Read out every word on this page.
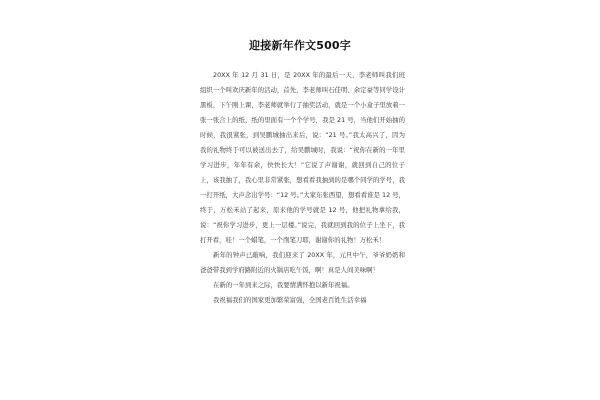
迎接新年作文500字

20XX 年 12 月 31 日，是 20XX 年的最后一天，李老师叫我们班组织一个叫欢庆新年的活动，首先，李老师叫石佳明、余定豪等同学设计黑板，下午刚上课，李老师就举行了抽奖活动，就是一个小盒子里放着一张一张合上的纸，纸的里面有一个个学号，我是 21 号，当他们开始抽的时候，我很紧张，到吴鹏城抽出来后，说：“21 号。”我太高兴了，因为我的礼物终于可以被送出去了，给吴鹏城时，我说：“祝你在新的一年里学习进步，年年有余，快快长大！”它说了声谢谢，就回到自己的位子上，该我抽了，我心里非常紧张，想看看我抽到的是哪个同学的学号，我一打开纸，大声念出学号：“12 号。”大家东张西望，想看看谁是 12 号，终于，万松禾站了起来，原来他的学号就是 12 号，他把礼物拿给我，说：“祝你学习进步，更上一层楼。”说完，我就回到我的位子上坐下，我打开看，哇！一个蜡笔，一个削笔刀耶，谢谢你的礼物！万松禾！

新年的钟声已敲响，我们迎来了 20XX 年，元旦中午，爷爷奶奶和爸爸带我到学府路附近的火锅店吃午饭，啊！真是人间美味啊！

在新的一年到来之际，我要情满怀抱以新年祝福。

我祝福我们的国家更加繁荣富强，全国老百姓生活幸福
